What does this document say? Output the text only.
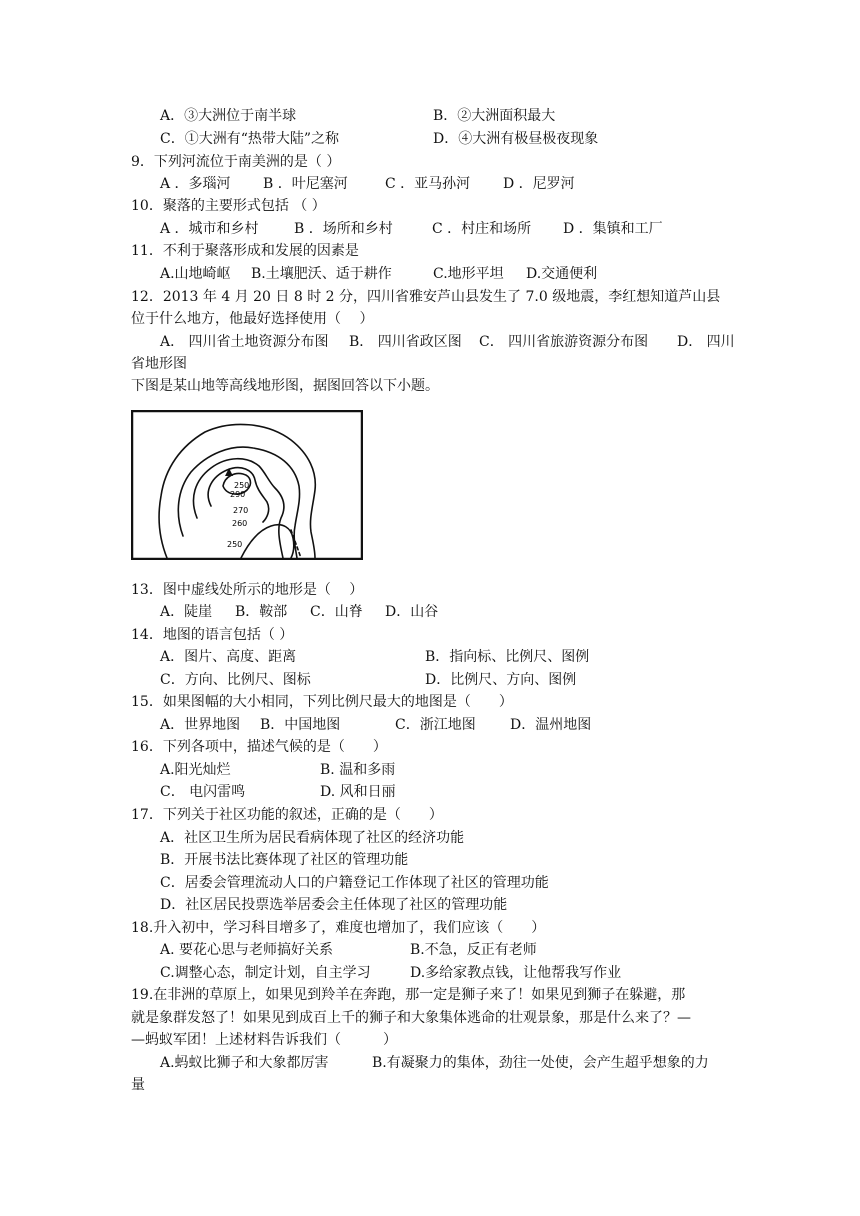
A．③大洲位于南半球	B．②大洲面积最大
C．①大洲有“热带大陆”之称	D．④大洲有极昼极夜现象
9．下列河流位于南美洲的是（ ）
A ．多瑙河 B ．叶尼塞河	C ．亚马孙河 D ．尼罗河
10．聚落的主要形式包括 （ ）
A ．城市和乡村	B ．场所和乡村	C ．村庄和场所 D ．集镇和工厂
11．不利于聚落形成和发展的因素是
A.山地崎岖 B.土壤肥沃、适于耕作	C.地形平坦 D.交通便利
12．2013 年 4 月 20 日 8 时 2 分，四川省雅安芦山县发生了 7.0 级地震，李红想知道芦山县
位于什么地方，他最好选择使用（　 ）
A． 四川省土地资源分布图 B． 四川省政区图 C． 四川省旅游资源分布图 D． 四川
省地形图
下图是某山地等高线地形图，据图回答以下小题。
250
290
270
260
250
13．图中虚线处所示的地形是（　 ）
A．陡崖 B．鞍部 C．山脊 D．山谷
14．地图的语言包括（ ）
A．图片、高度、距离	B．指向标、比例尺、图例
C．方向、比例尺、图标	D．比例尺、方向、图例
15．如果图幅的大小相同，下列比例尺最大的地图是（　　）
A．世界地图 B．中国地图	C．浙江地图 D．温州地图
16．下列各项中，描述气候的是（　　）
A.阳光灿烂	B. 温和多雨
C． 电闪雷鸣	D. 风和日丽
17．下列关于社区功能的叙述，正确的是（　　）
A．社区卫生所为居民看病体现了社区的经济功能
B．开展书法比赛体现了社区的管理功能
C．居委会管理流动人口的户籍登记工作体现了社区的管理功能
D．社区居民投票选举居委会主任体现了社区的管理功能
18.升入初中，学习科目增多了，难度也增加了，我们应该（　　）
A. 要花心思与老师搞好关系	B.不急，反正有老师
C.调整心态，制定计划，自主学习	D.多给家教点钱，让他帮我写作业
19.在非洲的草原上，如果见到羚羊在奔跑，那一定是狮子来了！如果见到狮子在躲避，那
就是象群发怒了！如果见到成百上千的狮子和大象集体逃命的壮观景象，那是什么来了？—
—蚂蚁军团！上述材料告诉我们（　　　）
A.蚂蚁比狮子和大象都厉害	B.有凝聚力的集体，劲往一处使，会产生超乎想象的力
量
